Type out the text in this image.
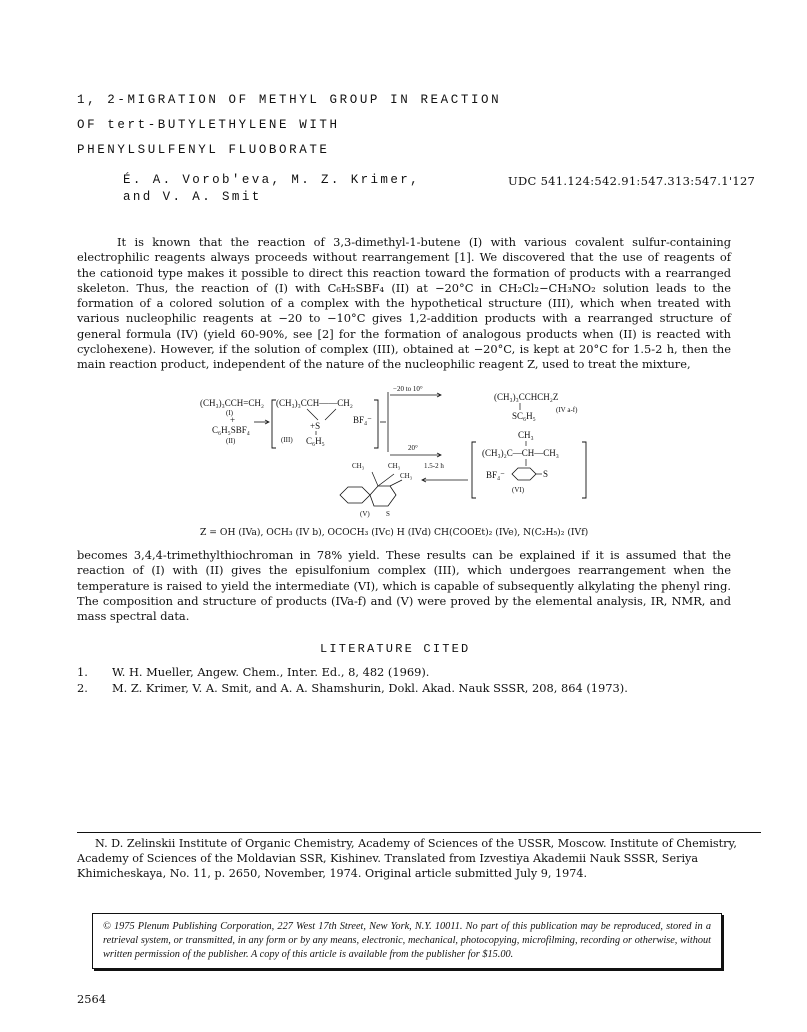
1, 2-MIGRATION OF METHYL GROUP IN REACTION
OF tert-BUTYLETHYLENE WITH
PHENYLSULFENYL FLUOBORATE
É. A. Vorob'eva, M. Z. Krimer,
and V. A. Smit
UDC 541.124:542.91:547.313:547.1'127

It is known that the reaction of 3,3-dimethyl-1-butene (I) with various covalent sulfur-containing electrophilic reagents always proceeds without rearrangement [1]. We discovered that the use of reagents of the cationoid type makes it possible to direct this reaction toward the formation of products with a rearranged skeleton. Thus, the reaction of (I) with C₆H₅SBF₄ (II) at −20°C in CH₂Cl₂−CH₃NO₂ solution leads to the formation of a colored solution of a complex with the hypothetical structure (III), which when treated with various nucleophilic reagents at −20 to −10°C gives 1,2-addition products with a rearranged structure of general formula (IV) (yield 60-90%, see [2] for the formation of analogous products when (II) is reacted with cyclohexene). However, if the solution of complex (III), obtained at −20°C, is kept at 20°C for 1.5-2 h, then the main reaction product, independent of the nature of the nucleophilic reagent Z, used to treat the mixture,

(CH₃)₃CCH=CH₂
(I)
+
C₆H₅SBF₄
(II)
(CH₃)₃CCH——CH₂
+S
C₆H₅
(III)
BF₄⁻
−20 to 10°
(CH₃)₃CCHCH₂Z
SC₆H₅
(IV a-f)
20°
CH₃
(CH₃)₂C—CH—CH₃
BF₄⁻	S
(VI)
1.5-2 h
CH₃	CH₃
CH₃
S
(V)
Z = OH (IVa), OCH₃ (IV b), OCOCH₃ (IVc) H (IVd) CH(COOEt)₂ (IVe), N(C₂H₅)₂ (IVf)

becomes 3,4,4-trimethylthiochroman in 78% yield. These results can be explained if it is assumed that the reaction of (I) with (II) gives the episulfonium complex (III), which undergoes rearrangement when the temperature is raised to yield the intermediate (VI), which is capable of subsequently alkylating the phenyl ring. The composition and structure of products (IVa-f) and (V) were proved by the elemental analysis, IR, NMR, and mass spectral data.

LITERATURE CITED
1. W. H. Mueller, Angew. Chem., Inter. Ed., 8, 482 (1969).
2. M. Z. Krimer, V. A. Smit, and A. A. Shamshurin, Dokl. Akad. Nauk SSSR, 208, 864 (1973).
N. D. Zelinskii Institute of Organic Chemistry, Academy of Sciences of the USSR, Moscow. Institute of Chemistry, Academy of Sciences of the Moldavian SSR, Kishinev. Translated from Izvestiya Akademii Nauk SSSR, Seriya Khimicheskaya, No. 11, p. 2650, November, 1974. Original article submitted July 9, 1974.
© 1975 Plenum Publishing Corporation, 227 West 17th Street, New York, N.Y. 10011. No part of this publication may be reproduced, stored in a retrieval system, or transmitted, in any form or by any means, electronic, mechanical, photocopying, microfilming, recording or otherwise, without written permission of the publisher. A copy of this article is available from the publisher for $15.00.
2564
